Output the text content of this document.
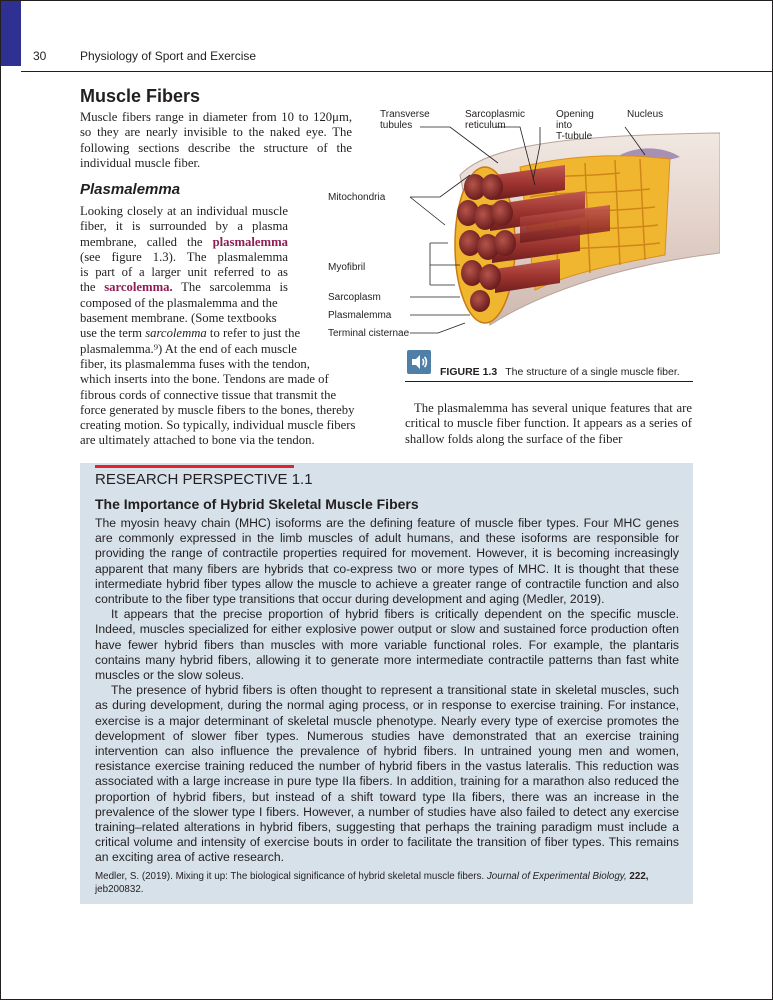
30	Physiology of Sport and Exercise
Muscle Fibers

Muscle fibers range in diameter from 10 to 120μm, so they are nearly invisible to the naked eye. The following sections describe the structure of the individual muscle fiber.

Plasmalemma
Looking closely at an individual muscle
fiber, it is surrounded by a plasma
membrane, called the plasmalemma
(see figure 1.3). The plasmalemma
is part of a larger unit referred to as
the sarcolemma. The sarcolemma is
composed of the plasmalemma and the
basement membrane. (Some textbooks
use the term sarcolemma to refer to just the
plasmalemma.⁹) At the end of each muscle
fiber, its plasmalemma fuses with the tendon,
which inserts into the bone. Tendons are made of
fibrous cords of connective tissue that transmit the
force generated by muscle fibers to the bones, thereby
creating motion. So typically, individual muscle fibers
are ultimately attached to bone via the tendon.
Transverse
tubules
Sarcoplasmic
reticulum
Opening
into
T-tubule
Nucleus
Mitochondria
Myofibril
Sarcoplasm
Plasmalemma
Terminal cisternae
FIGURE 1.3 The structure of a single muscle fiber.

The plasmalemma has several unique features that are critical to muscle fiber function. It appears as a series of shallow folds along the surface of the fiber

RESEARCH PERSPECTIVE 1.1
The Importance of Hybrid Skeletal Muscle Fibers

The myosin heavy chain (MHC) isoforms are the defining feature of muscle fiber types. Four MHC genes are commonly expressed in the limb muscles of adult humans, and these isoforms are responsible for providing the range of contractile properties required for movement. However, it is becoming increasingly apparent that many fibers are hybrids that co-express two or more types of MHC. It is thought that these intermediate hybrid fiber types allow the muscle to achieve a greater range of contractile function and also contribute to the fiber type transitions that occur during development and aging (Medler, 2019).

It appears that the precise proportion of hybrid fibers is critically dependent on the specific muscle. Indeed, muscles specialized for either explosive power output or slow and sustained force production often have fewer hybrid fibers than muscles with more variable functional roles. For example, the plantaris contains many hybrid fibers, allowing it to generate more intermediate contractile patterns than fast white muscles or the slow soleus.

The presence of hybrid fibers is often thought to represent a transitional state in skeletal muscles, such as during development, during the normal aging process, or in response to exercise training. For instance, exercise is a major determinant of skeletal muscle phenotype. Nearly every type of exercise promotes the development of slower fiber types. Numerous studies have demonstrated that an exercise training intervention can also influence the prevalence of hybrid fibers. In untrained young men and women, resistance exercise training reduced the number of hybrid fibers in the vastus lateralis. This reduction was associated with a large increase in pure type IIa fibers. In addition, training for a marathon also reduced the proportion of hybrid fibers, but instead of a shift toward type IIa fibers, there was an increase in the prevalence of the slower type I fibers. However, a number of studies have also failed to detect any exercise training–related alterations in hybrid fibers, suggesting that perhaps the training paradigm must include a critical volume and intensity of exercise bouts in order to facilitate the transition of fiber types. This remains an exciting area of active research.

Medler, S. (2019). Mixing it up: The biological significance of hybrid skeletal muscle fibers. Journal of Experimental Biology, 222,
jeb200832.
